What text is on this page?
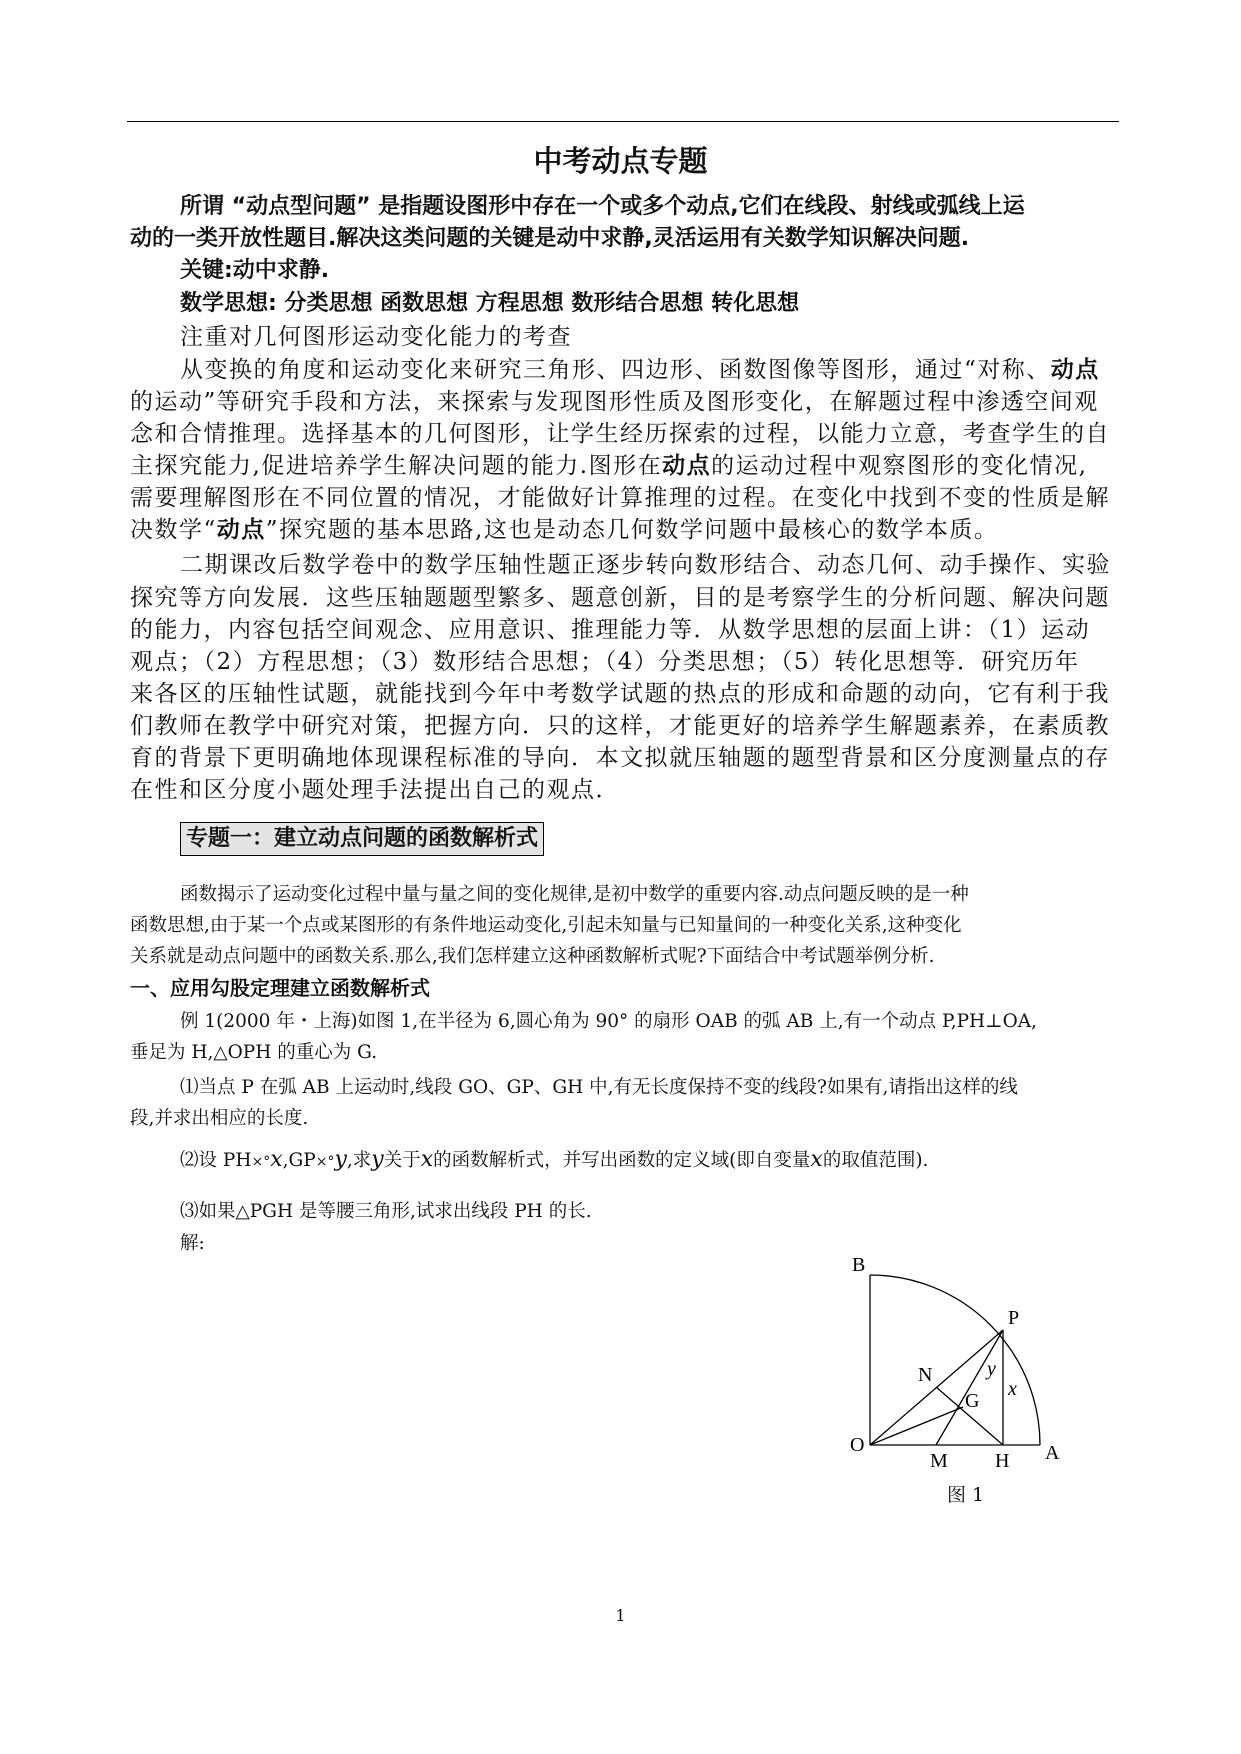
中考动点专题
所谓 “动点型问题” 是指题设图形中存在一个或多个动点,它们在线段、射线或弧线上运
动的一类开放性题目.解决这类问题的关键是动中求静,灵活运用有关数学知识解决问题.
关键:动中求静.
数学思想: 分类思想 函数思想 方程思想 数形结合思想 转化思想
注重对几何图形运动变化能力的考查
从变换的角度和运动变化来研究三角形、四边形、函数图像等图形，通过“对称、动点
的运动”等研究手段和方法，来探索与发现图形性质及图形变化，在解题过程中渗透空间观
念和合情推理。选择基本的几何图形，让学生经历探索的过程，以能力立意，考查学生的自
主探究能力,促进培养学生解决问题的能力.图形在动点的运动过程中观察图形的变化情况,
需要理解图形在不同位置的情况，才能做好计算推理的过程。在变化中找到不变的性质是解
决数学“动点”探究题的基本思路,这也是动态几何数学问题中最核心的数学本质。
二期课改后数学卷中的数学压轴性题正逐步转向数形结合、动态几何、动手操作、实验
探究等方向发展．这些压轴题题型繁多、题意创新，目的是考察学生的分析问题、解决问题
的能力，内容包括空间观念、应用意识、推理能力等．从数学思想的层面上讲：（1）运动
观点；（2）方程思想；（3）数形结合思想；（4）分类思想；（5）转化思想等．研究历年
来各区的压轴性试题，就能找到今年中考数学试题的热点的形成和命题的动向，它有利于我
们教师在教学中研究对策，把握方向．只的这样，才能更好的培养学生解题素养，在素质教
育的背景下更明确地体现课程标准的导向．本文拟就压轴题的题型背景和区分度测量点的存
在性和区分度小题处理手法提出自己的观点．
专题一：建立动点问题的函数解析式
函数揭示了运动变化过程中量与量之间的变化规律,是初中数学的重要内容.动点问题反映的是一种
函数思想,由于某一个点或某图形的有条件地运动变化,引起未知量与已知量间的一种变化关系,这种变化
关系就是动点问题中的函数关系.那么,我们怎样建立这种函数解析式呢?下面结合中考试题举例分析.
一、应用勾股定理建立函数解析式
例 1(2000 年・上海)如图 1,在半径为 6,圆心角为 90° 的扇形 OAB 的弧 AB 上,有一个动点 P,PH⊥OA,
垂足为 H,△OPH 的重心为 G.
⑴当点 P 在弧 AB 上运动时,线段 GO、GP、GH 中,有无长度保持不变的线段?如果有,请指出这样的线
段,并求出相应的长度.
⑵设 PH×°x,GP×°y,求y关于x的函数解析式，并写出函数的定义域(即自变量x的取值范围).
⑶如果△PGH 是等腰三角形,试求出线段 PH 的长.
解:
B
P
N	y
G
x
O
M H A
图 1
1
